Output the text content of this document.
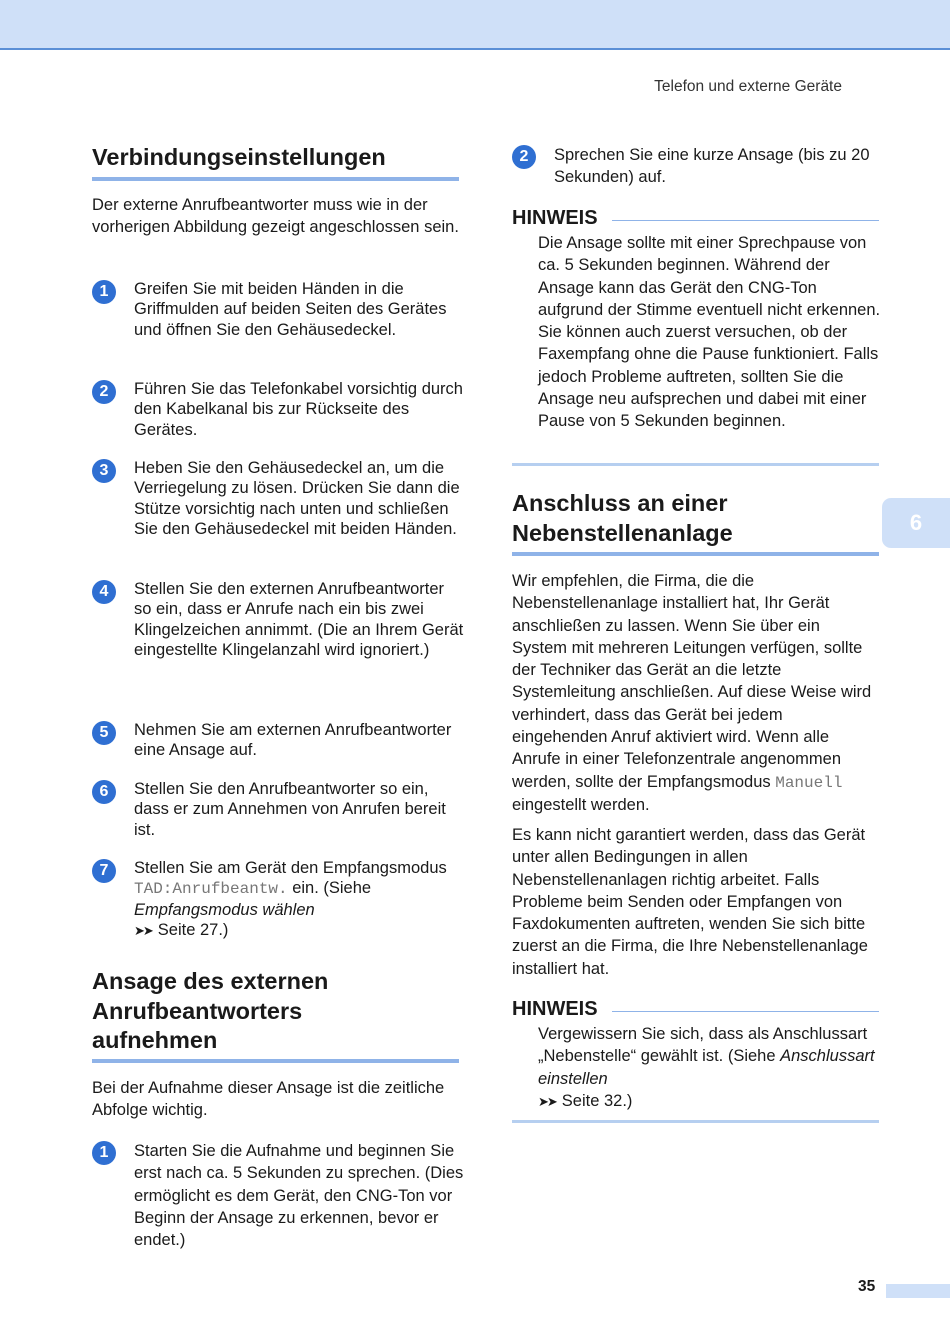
Telefon und externe Geräte
6
Verbindungseinstellungen
Der externe Anrufbeantworter muss wie in der vorherigen Abbildung gezeigt angeschlossen sein.
1	Greifen Sie mit beiden Händen in die Griffmulden auf beiden Seiten des Gerätes und öffnen Sie den Gehäusedeckel.
2	Führen Sie das Telefonkabel vorsichtig durch den Kabelkanal bis zur Rückseite des Gerätes.
3	Heben Sie den Gehäusedeckel an, um die Verriegelung zu lösen. Drücken Sie dann die Stütze vorsichtig nach unten und schließen Sie den Gehäusedeckel mit beiden Händen.
4	Stellen Sie den externen Anrufbeantworter so ein, dass er Anrufe nach ein bis zwei Klingelzeichen annimmt. (Die an Ihrem Gerät eingestellte Klingelanzahl wird ignoriert.)
5	Nehmen Sie am externen Anrufbeantworter eine Ansage auf.
6	Stellen Sie den Anrufbeantworter so ein, dass er zum Annehmen von Anrufen bereit ist.
7	Stellen Sie am Gerät den Empfangsmodus TAD:Anrufbeantw. ein. (Siehe Empfangsmodus wählen
➤➤ Seite 27.)
Ansage des externen
Anrufbeantworters
aufnehmen
Bei der Aufnahme dieser Ansage ist die zeitliche Abfolge wichtig.
1	Starten Sie die Aufnahme und beginnen Sie erst nach ca. 5 Sekunden zu sprechen. (Dies ermöglicht es dem Gerät, den CNG-Ton vor Beginn der Ansage zu erkennen, bevor er endet.)
2	Sprechen Sie eine kurze Ansage (bis zu 20 Sekunden) auf.
HINWEIS
Die Ansage sollte mit einer Sprechpause von ca. 5 Sekunden beginnen. Während der Ansage kann das Gerät den CNG-Ton aufgrund der Stimme eventuell nicht erkennen. Sie können auch zuerst versuchen, ob der Faxempfang ohne die Pause funktioniert. Falls jedoch Probleme auftreten, sollten Sie die Ansage neu aufsprechen und dabei mit einer Pause von 5 Sekunden beginnen.
Anschluss an einer
Nebenstellenanlage
Wir empfehlen, die Firma, die die Nebenstellenanlage installiert hat, Ihr Gerät anschließen zu lassen. Wenn Sie über ein System mit mehreren Leitungen verfügen, sollte der Techniker das Gerät an die letzte Systemleitung anschließen. Auf diese Weise wird verhindert, dass das Gerät bei jedem eingehenden Anruf aktiviert wird. Wenn alle Anrufe in einer Telefonzentrale angenommen werden, sollte der Empfangsmodus Manuell eingestellt werden.
Es kann nicht garantiert werden, dass das Gerät unter allen Bedingungen in allen Nebenstellenanlagen richtig arbeitet. Falls Probleme beim Senden oder Empfangen von Faxdokumenten auftreten, wenden Sie sich bitte zuerst an die Firma, die Ihre Nebenstellenanlage installiert hat.
HINWEIS
Vergewissern Sie sich, dass als Anschlussart „Nebenstelle“ gewählt ist. (Siehe Anschlussart einstellen
➤➤ Seite 32.)
35
